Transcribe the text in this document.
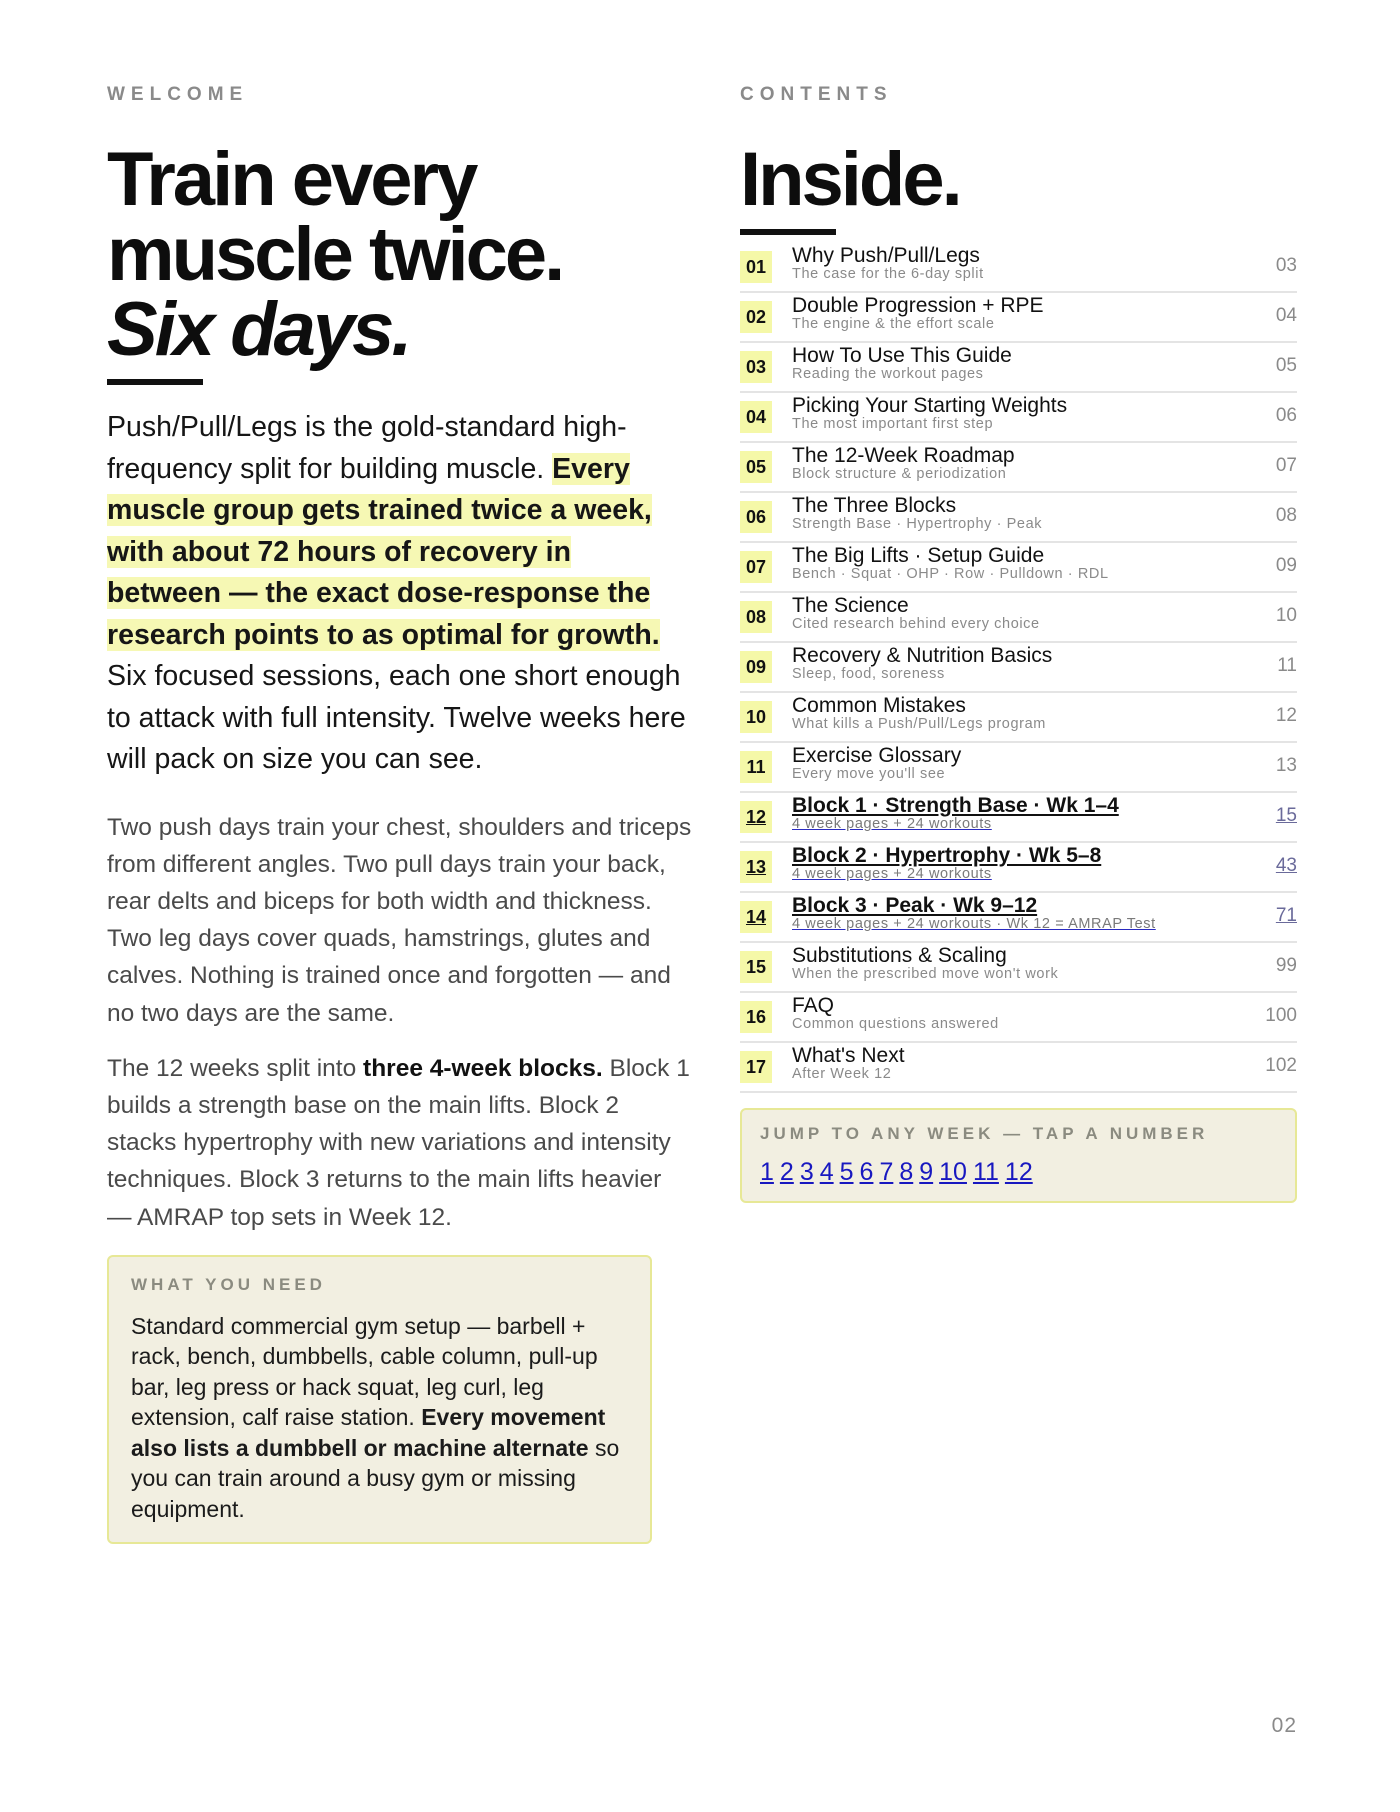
WELCOME

Train every
muscle twice.
Six days.

Push/Pull/Legs is the gold-standard high-frequency split for building muscle. Every muscle group gets trained twice a week, with about 72 hours of recovery in between — the exact dose-response the research points to as optimal for growth. Six focused sessions, each one short enough to attack with full intensity. Twelve weeks here will pack on size you can see.

Two push days train your chest, shoulders and triceps from different angles. Two pull days train your back, rear delts and biceps for both width and thickness. Two leg days cover quads, hamstrings, glutes and calves. Nothing is trained once and forgotten — and no two days are the same.

The 12 weeks split into three 4-week blocks. Block 1 builds a strength base on the main lifts. Block 2 stacks hypertrophy with new variations and intensity techniques. Block 3 returns to the main lifts heavier — AMRAP top sets in Week 12.

WHAT YOU NEED

Standard commercial gym setup — barbell + rack, bench, dumbbells, cable column, pull-up bar, leg press or hack squat, leg curl, leg extension, calf raise station. Every movement also lists a dumbbell or machine alternate so you can train around a busy gym or missing equipment.

CONTENTS

Inside.
01 Why Push/Pull/Legs
The case for the 6-day split	03
02 Double Progression + RPE
The engine & the effort scale	04
03 How To Use This Guide
Reading the workout pages	05
04 Picking Your Starting Weights
The most important first step	06
05 The 12-Week Roadmap
Block structure & periodization	07
06 The Three Blocks
Strength Base · Hypertrophy · Peak	08
07 The Big Lifts · Setup Guide
Bench · Squat · OHP · Row · Pulldown · RDL	09
08 The Science
Cited research behind every choice	10
09 Recovery & Nutrition Basics
Sleep, food, soreness	11
10 Common Mistakes
What kills a Push/Pull/Legs program	12
11	Exercise Glossary
Every move you'll see	13
12 Block 1 · Strength Base · Wk 1–4
4 week pages + 24 workouts	15
13 Block 2 · Hypertrophy · Wk 5–8
4 week pages + 24 workouts	43
14 Block 3 · Peak · Wk 9–12
4 week pages + 24 workouts · Wk 12 = AMRAP Test	71
15 Substitutions & Scaling
When the prescribed move won't work	99
16 FAQ
Common questions answered	100
17 What's Next
After Week 12	102

JUMP TO ANY WEEK — TAP A NUMBER

1 2 3 4 5 6 7 8 9 10 11 12
02
